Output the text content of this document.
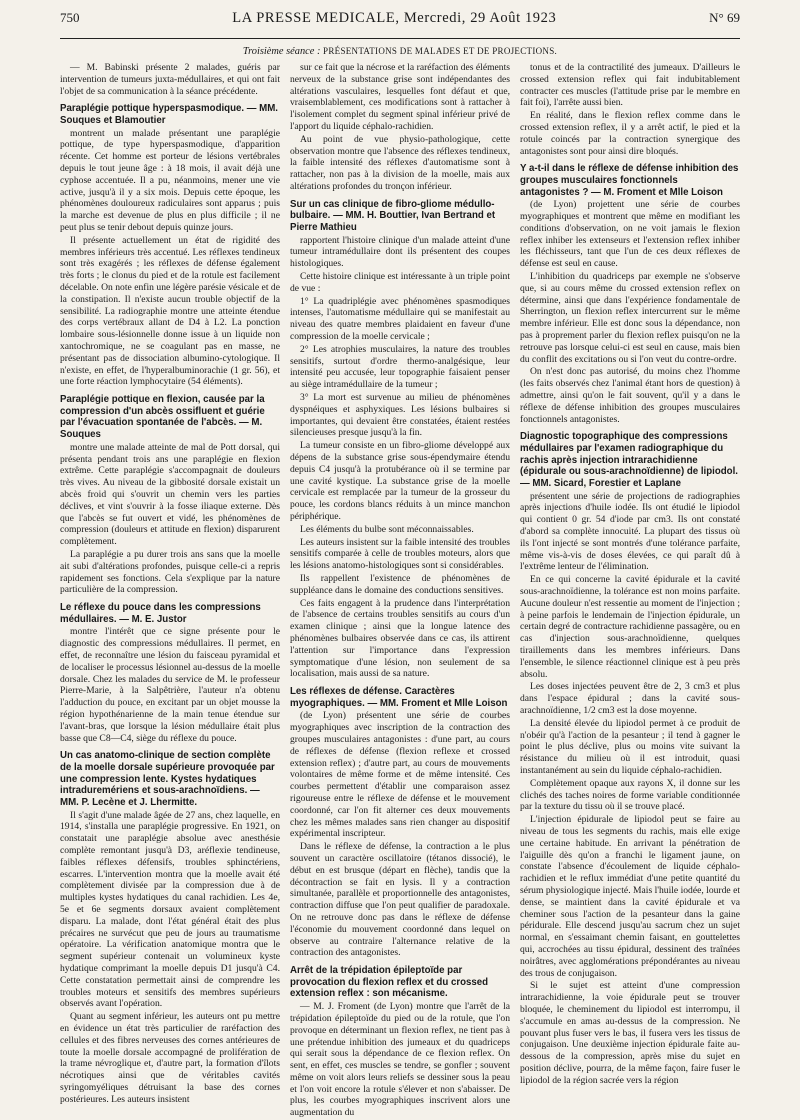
750	LA PRESSE MEDICALE, Mercredi, 29 Août 1923	N° 69
Troisième séance : PRÉSENTATIONS DE MALADES ET DE PROJECTIONS.

— M. Babinski présente 2 malades, guéris par intervention de tumeurs juxta-médullaires, et qui ont fait l'objet de sa communication à la séance précédente.

Paraplégie pottique hyperspasmodique. — MM. Souques et Blamoutier

montrent un malade présentant une paraplégie pottique, de type hyperspasmodique, d'apparition récente. Cet homme est porteur de lésions vertébrales depuis le tout jeune âge : à 18 mois, il avait déjà une cyphose accentuée. Il a pu, néanmoins, mener une vie active, jusqu'à il y a six mois. Depuis cette époque, les phénomènes douloureux radiculaires sont apparus ; puis la marche est devenue de plus en plus difficile ; il ne peut plus se tenir debout depuis quinze jours.

Il présente actuellement un état de rigidité des membres inférieurs très accentué. Les réflexes tendineux sont très exagérés ; les réflexes de défense également très forts ; le clonus du pied et de la rotule est facilement décelable. On note enfin une légère parésie vésicale et de la constipation. Il n'existe aucun trouble objectif de la sensibilité. La radiographie montre une atteinte étendue des corps vertébraux allant de D4 à L2. La ponction lombaire sous-lésionnelle donne issue à un liquide non xantochromique, ne se coagulant pas en masse, ne présentant pas de dissociation albumino-cytologique. Il n'existe, en effet, de l'hyperalbuminorachie (1 gr. 56), et une forte réaction lymphocytaire (54 éléments).

Paraplégie pottique en flexion, causée par la compression d'un abcès ossifluent et guérie par l'évacuation spontanée de l'abcès. — M. Souques

montre une malade atteinte de mal de Pott dorsal, qui présenta pendant trois ans une paraplégie en flexion extrême. Cette paraplégie s'accompagnait de douleurs très vives. Au niveau de la gibbosité dorsale existait un abcès froid qui s'ouvrit un chemin vers les parties déclives, et vint s'ouvrir à la fosse iliaque externe. Dès que l'abcès se fut ouvert et vidé, les phénomènes de compression (douleurs et attitude en flexion) disparurent complètement.

La paraplégie a pu durer trois ans sans que la moelle ait subi d'altérations profondes, puisque celle-ci a repris rapidement ses fonctions. Cela s'explique par la nature particulière de la compression.

Le réflexe du pouce dans les compressions médullaires. — M. E. Justor

montre l'intérêt que ce signe présente pour le diagnostic des compressions médullaires. Il permet, en effet, de reconnaître une lésion du faisceau pyramidal et de localiser le processus lésionnel au-dessus de la moelle dorsale. Chez les malades du service de M. le professeur Pierre-Marie, à la Salpêtrière, l'auteur n'a obtenu l'adduction du pouce, en excitant par un objet mousse la région hypothénarienne de la main tenue étendue sur l'avant-bras, que lorsque la lésion médullaire était plus basse que C8—C4, siège du réflexe du pouce.

Un cas anatomo-clinique de section complète de la moelle dorsale supérieure provoquée par une compression lente. Kystes hydatiques intraduremériens et sous-arachnoïdiens. — MM. P. Lecène et J. Lhermitte.

Il s'agit d'une malade âgée de 27 ans, chez laquelle, en 1914, s'installa une paraplégie progressive. En 1921, on constatait une paraplégie absolue avec anesthésie complète remontant jusqu'à D3, aréflexie tendineuse, faibles réflexes défensifs, troubles sphinctériens, escarres. L'intervention montra que la moelle avait été complètement divisée par la compression due à de multiples kystes hydatiques du canal rachidien. Les 4e, 5e et 6e segments dorsaux avaient complètement disparu. La malade, dont l'état général était des plus précaires ne survécut que peu de jours au traumatisme opératoire. La vérification anatomique montra que le segment supérieur contenait un volumineux kyste hydatique comprimant la moelle depuis D1 jusqu'à C4. Cette constatation permettait ainsi de comprendre les troubles moteurs et sensitifs des membres supérieurs observés avant l'opération.

Quant au segment inférieur, les auteurs ont pu mettre en évidence un état très particulier de raréfaction des cellules et des fibres nerveuses des cornes antérieures de toute la moelle dorsale accompagné de prolifération de la trame névroglique et, d'autre part, la formation d'îlots nécrotiques ainsi que de véritables cavités syringomyéliques détruisant la base des cornes postérieures. Les auteurs insistent

sur ce fait que la nécrose et la raréfaction des éléments nerveux de la substance grise sont indépendantes des altérations vasculaires, lesquelles font défaut et que, vraisemblablement, ces modifications sont à rattacher à l'isolement complet du segment spinal inférieur privé de l'apport du liquide céphalo-rachidien.

Au point de vue physio-pathologique, cette observation montre que l'absence des réflexes tendineux, la faible intensité des réflexes d'automatisme sont à rattacher, non pas à la division de la moelle, mais aux altérations profondes du tronçon inférieur.

Sur un cas clinique de fibro-gliome médullo-bulbaire. — MM. H. Bouttier, Ivan Bertrand et Pierre Mathieu

rapportent l'histoire clinique d'un malade atteint d'une tumeur intramédullaire dont ils présentent des coupes histologiques.

Cette histoire clinique est intéressante à un triple point de vue :

1° La quadriplégie avec phénomènes spasmodiques intenses, l'automatisme médullaire qui se manifestait au niveau des quatre membres plaidaient en faveur d'une compression de la moelle cervicale ;

2° Les atrophies musculaires, la nature des troubles sensitifs, surtout d'ordre thermo-analgésique, leur intensité peu accusée, leur topographie faisaient penser au siège intramédullaire de la tumeur ;

3° La mort est survenue au milieu de phénomènes dyspnéiques et asphyxiques. Les lésions bulbaires si importantes, qui devaient être constatées, étaient restées silencieuses presque jusqu'à la fin.

La tumeur consiste en un fibro-gliome développé aux dépens de la substance grise sous-épendymaire étendu depuis C4 jusqu'à la protubérance où il se termine par une cavité kystique. La substance grise de la moelle cervicale est remplacée par la tumeur de la grosseur du pouce, les cordons blancs réduits à un mince manchon périphérique.

Les éléments du bulbe sont méconnaissables.

Les auteurs insistent sur la faible intensité des troubles sensitifs comparée à celle de troubles moteurs, alors que les lésions anatomo-histologiques sont si considérables.

Ils rappellent l'existence de phénomènes de suppléance dans le domaine des conductions sensitives.

Ces faits engagent à la prudence dans l'interprétation de l'absence de certains troubles sensitifs au cours d'un examen clinique ; ainsi que la longue latence des phénomènes bulbaires observée dans ce cas, ils attirent l'attention sur l'importance dans l'expression symptomatique d'une lésion, non seulement de sa localisation, mais aussi de sa nature.

Les réflexes de défense. Caractères myographiques. — MM. Froment et Mlle Loison

(de Lyon) présentent une série de courbes myographiques avec inscription de la contraction des groupes musculaires antagonistes : d'une part, au cours de réflexes de défense (flexion reflexe et crossed extension reflex) ; d'autre part, au cours de mouvements volontaires de même forme et de même intensité. Ces courbes permettent d'établir une comparaison assez rigoureuse entre le réflexe de défense et le mouvement coordonné, car l'on fit alterner ces deux mouvements chez les mêmes malades sans rien changer au dispositif expérimental inscripteur.

Dans le réflexe de défense, la contraction a le plus souvent un caractère oscillatoire (tétanos dissocié), le début en est brusque (départ en flèche), tandis que la décontraction se fait en lysis. Il y a contraction simultanée, parallèle et proportionnelle des antagonistes, contraction diffuse que l'on peut qualifier de paradoxale. On ne retrouve donc pas dans le réflexe de défense l'économie du mouvement coordonné dans lequel on observe au contraire l'alternance relative de la contraction des antagonistes.

Arrêt de la trépidation épileptoïde par provocation du flexion reflex et du crossed extension reflex : son mécanisme.

— M. J. Froment (de Lyon) montre que l'arrêt de la trépidation épileptoïde du pied ou de la rotule, que l'on provoque en déterminant un flexion reflex, ne tient pas à une prétendue inhibition des jumeaux et du quadriceps qui serait sous la dépendance de ce flexion reflex. On sent, en effet, ces muscles se tendre, se gonfler ; souvent même on voit alors leurs reliefs se dessiner sous la peau et l'on voit encore la rotule s'élever et non s'abaisser. De plus, les courbes myographiques inscrivent alors une augmentation du

tonus et de la contractilité des jumeaux. D'ailleurs le crossed extension reflex qui fait indubitablement contracter ces muscles (l'attitude prise par le membre en fait foi), l'arrête aussi bien.

En réalité, dans le flexion reflex comme dans le crossed extension reflex, il y a arrêt actif, le pied et la rotule coincés par la contraction synergique des antagonistes sont pour ainsi dire bloqués.

Y a-t-il dans le réflexe de défense inhibition des groupes musculaires fonctionnels antagonistes ? — M. Froment et Mlle Loison

(de Lyon) projettent une série de courbes myographiques et montrent que même en modifiant les conditions d'observation, on ne voit jamais le flexion reflex inhiber les extenseurs et l'extension reflex inhiber les fléchisseurs, tant que l'un de ces deux réflexes de défense est seul en cause.

L'inhibition du quadriceps par exemple ne s'observe que, si au cours même du crossed extension reflex on détermine, ainsi que dans l'expérience fondamentale de Sherrington, un flexion reflex intercurrent sur le même membre inférieur. Elle est donc sous la dépendance, non pas à proprement parler du flexion reflex puisqu'on ne la retrouve pas lorsque celui-ci est seul en cause, mais bien du conflit des excitations ou si l'on veut du contre-ordre.

On n'est donc pas autorisé, du moins chez l'homme (les faits observés chez l'animal étant hors de question) à admettre, ainsi qu'on le fait souvent, qu'il y a dans le réflexe de défense inhibition des groupes musculaires fonctionnels antagonistes.

Diagnostic topographique des compressions médullaires par l'examen radiographique du rachis après injection intrarachidienne (épidurale ou sous-arachnoïdienne) de lipiodol. — MM. Sicard, Forestier et Laplane

présentent une série de projections de radiographies après injections d'huile iodée. Ils ont étudié le lipiodol qui contient 0 gr. 54 d'iode par cm3. Ils ont constaté d'abord sa complète innocuité. La plupart des tissus où ils l'ont injecté se sont montrés d'une tolérance parfaite, même vis-à-vis de doses élevées, ce qui paraît dû à l'extrême lenteur de l'élimination.

En ce qui concerne la cavité épidurale et la cavité sous-arachnoïdienne, la tolérance est non moins parfaite. Aucune douleur n'est ressentie au moment de l'injection ; à peine parfois le lendemain de l'injection épidurale, un certain degré de contracture rachidienne passagère, ou en cas d'injection sous-arachnoïdienne, quelques tiraillements dans les membres inférieurs. Dans l'ensemble, le silence réactionnel clinique est à peu près absolu.

Les doses injectées peuvent être de 2, 3 cm3 et plus dans l'espace épidural ; dans la cavité sous-arachnoïdienne, 1/2 cm3 est la dose moyenne.

La densité élevée du lipiodol permet à ce produit de n'obéir qu'à l'action de la pesanteur ; il tend à gagner le point le plus déclive, plus ou moins vite suivant la résistance du milieu où il est introduit, quasi instantanément au sein du liquide céphalo-rachidien.

Complètement opaque aux rayons X, il donne sur les clichés des taches noires de forme variable conditionnée par la texture du tissu où il se trouve placé.

L'injection épidurale de lipiodol peut se faire au niveau de tous les segments du rachis, mais elle exige une certaine habitude. En arrivant la pénétration de l'aiguille dès qu'on a franchi le ligament jaune, on constate l'absence d'écoulement de liquide céphalo-rachidien et le reflux immédiat d'une petite quantité du sérum physiologique injecté. Mais l'huile iodée, lourde et dense, se maintient dans la cavité épidurale et va cheminer sous l'action de la pesanteur dans la gaine péridurale. Elle descend jusqu'au sacrum chez un sujet normal, en s'essaimant chemin faisant, en gouttelettes qui, accrochées au tissu épidural, dessinent des traînées noirâtres, avec agglomérations prépondérantes au niveau des trous de conjugaison.

Si le sujet est atteint d'une compression intrarachidienne, la voie épidurale peut se trouver bloquée, le cheminement du lipiodol est interrompu, il s'accumule en amas au-dessus de la compression. Ne pouvant plus fuser vers le bas, il fusera vers les tissus de conjugaison. Une deuxième injection épidurale faite au-dessous de la compression, après mise du sujet en position déclive, pourra, de la même façon, faire fuser le lipiodol de la région sacrée vers la région
